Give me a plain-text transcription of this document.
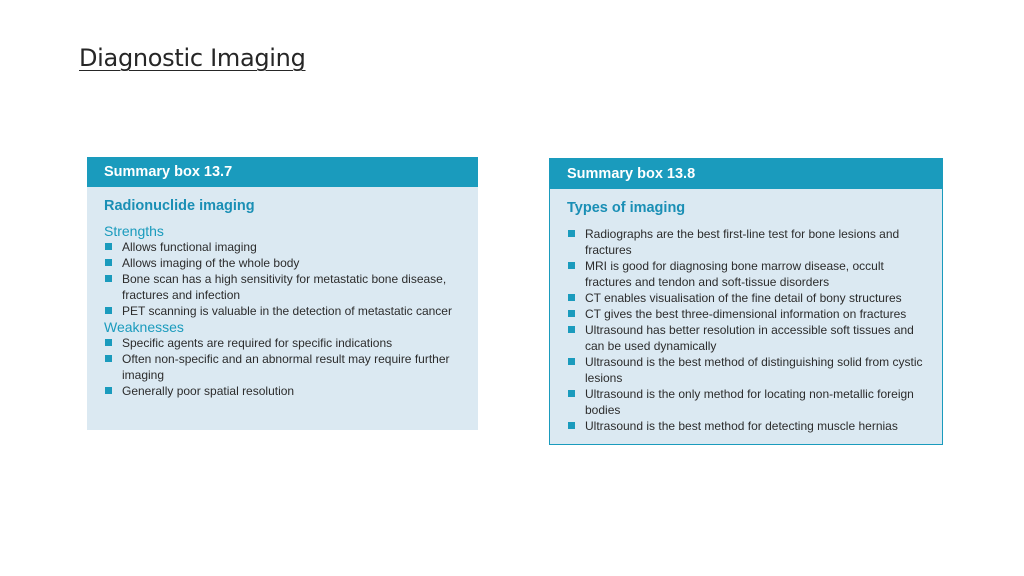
Diagnostic Imaging
Summary box 13.7
Radionuclide imaging
Strengths
Allows functional imaging
Allows imaging of the whole body
Bone scan has a high sensitivity for metastatic bone disease, fractures and infection
PET scanning is valuable in the detection of metastatic cancer
Weaknesses
Specific agents are required for specific indications
Often non-specific and an abnormal result may require further imaging
Generally poor spatial resolution
Summary box 13.8
Types of imaging
Radiographs are the best first-line test for bone lesions and fractures
MRI is good for diagnosing bone marrow disease, occult fractures and tendon and soft-tissue disorders
CT enables visualisation of the fine detail of bony structures
CT gives the best three-dimensional information on fractures
Ultrasound has better resolution in accessible soft tissues and can be used dynamically
Ultrasound is the best method of distinguishing solid from cystic lesions
Ultrasound is the only method for locating non-metallic foreign bodies
Ultrasound is the best method for detecting muscle hernias
